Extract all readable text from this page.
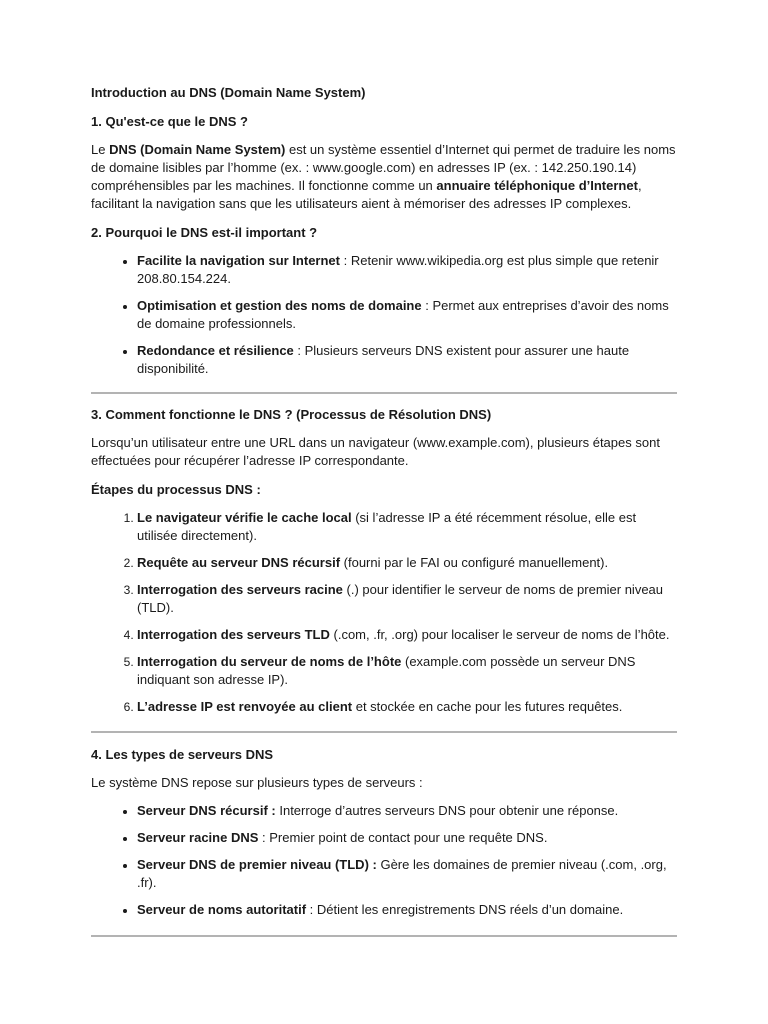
Introduction au DNS (Domain Name System)

1. Qu'est-ce que le DNS ?

Le DNS (Domain Name System) est un système essentiel d’Internet qui permet de traduire les noms de domaine lisibles par l’homme (ex. : www.google.com) en adresses IP (ex. : 142.250.190.14) compréhensibles par les machines. Il fonctionne comme un annuaire téléphonique d’Internet, facilitant la navigation sans que les utilisateurs aient à mémoriser des adresses IP complexes.

2. Pourquoi le DNS est-il important ?

• Facilite la navigation sur Internet : Retenir www.wikipedia.org est plus simple que retenir 208.80.154.224.
• Optimisation et gestion des noms de domaine : Permet aux entreprises d’avoir des noms de domaine professionnels.
• Redondance et résilience : Plusieurs serveurs DNS existent pour assurer une haute disponibilité.

3. Comment fonctionne le DNS ? (Processus de Résolution DNS)

Lorsqu’un utilisateur entre une URL dans un navigateur (www.example.com), plusieurs étapes sont effectuées pour récupérer l’adresse IP correspondante.

Étapes du processus DNS :

1. Le navigateur vérifie le cache local (si l’adresse IP a été récemment résolue, elle est utilisée directement).
2. Requête au serveur DNS récursif (fourni par le FAI ou configuré manuellement).
3. Interrogation des serveurs racine (.) pour identifier le serveur de noms de premier niveau (TLD).
4. Interrogation des serveurs TLD (.com, .fr, .org) pour localiser le serveur de noms de l’hôte.
5. Interrogation du serveur de noms de l’hôte (example.com possède un serveur DNS indiquant son adresse IP).
6. L’adresse IP est renvoyée au client et stockée en cache pour les futures requêtes.

4. Les types de serveurs DNS

Le système DNS repose sur plusieurs types de serveurs :

• Serveur DNS récursif : Interroge d’autres serveurs DNS pour obtenir une réponse.
• Serveur racine DNS : Premier point de contact pour une requête DNS.
• Serveur DNS de premier niveau (TLD) : Gère les domaines de premier niveau (.com, .org, .fr).
• Serveur de noms autoritatif : Détient les enregistrements DNS réels d’un domaine.
